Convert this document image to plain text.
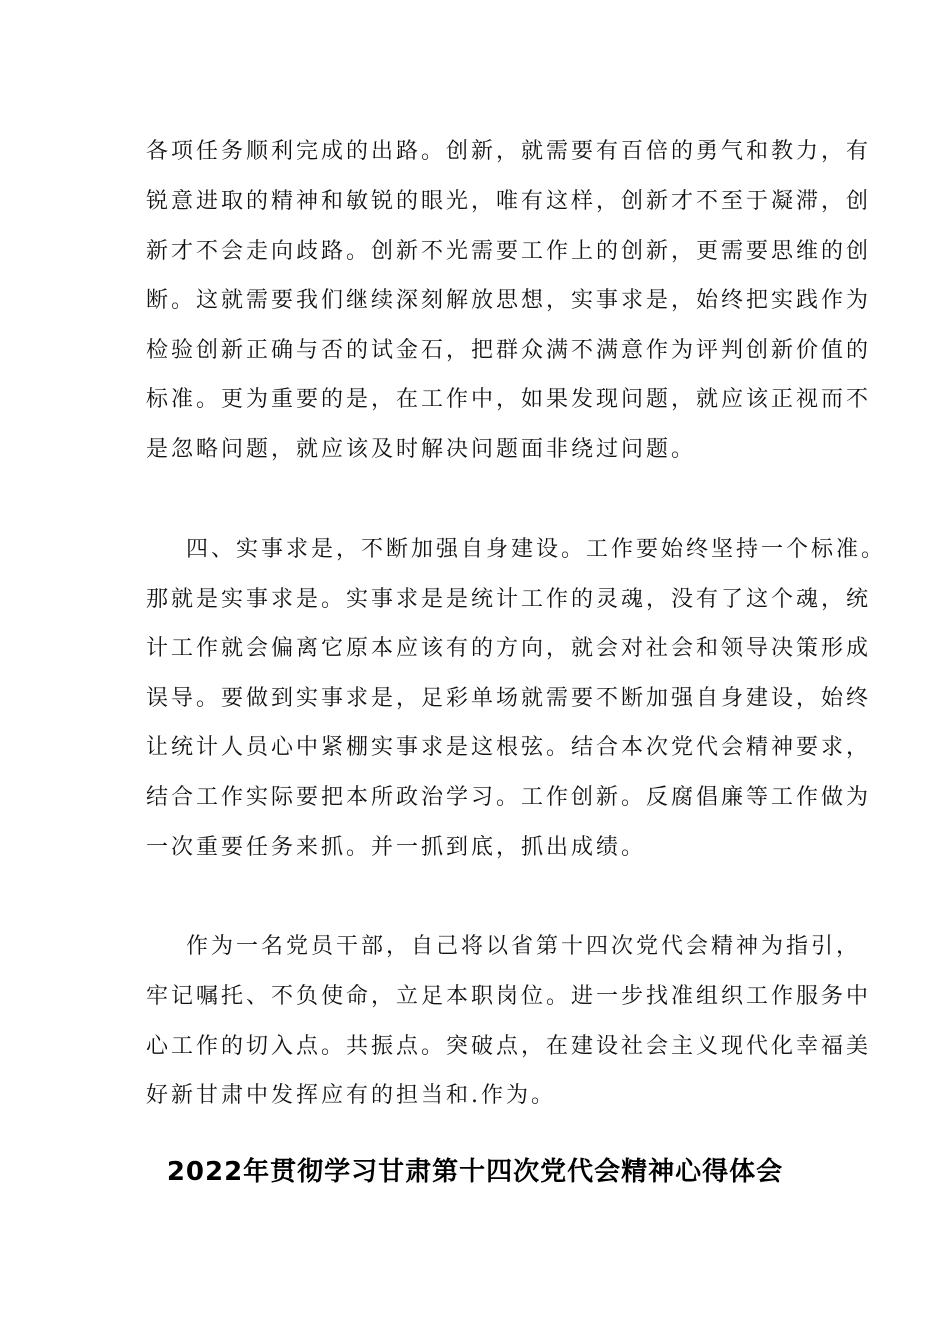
各项任务顺利完成的出路。创新，就需要有百倍的勇气和教力，有
锐意进取的精神和敏锐的眼光，唯有这样，创新才不至于凝滞，创
新才不会走向歧路。创新不光需要工作上的创新，更需要思维的创
断。这就需要我们继续深刻解放思想，实事求是，始终把实践作为
检验创新正确与否的试金石，把群众满不满意作为评判创新价值的
标准。更为重要的是，在工作中，如果发现问题，就应该正视而不
是忽略问题，就应该及时解决问题面非绕过问题。
四、实事求是，不断加强自身建设。工作要始终坚持一个标准。
那就是实事求是。实事求是是统计工作的灵魂，没有了这个魂，统
计工作就会偏离它原本应该有的方向，就会对社会和领导决策形成
误导。要做到实事求是，足彩单场就需要不断加强自身建设，始终
让统计人员心中紧棚实事求是这根弦。结合本次党代会精神要求，
结合工作实际要把本所政治学习。工作创新。反腐倡廉等工作做为
一次重要任务来抓。并一抓到底，抓出成绩。
作为一名党员干部，自己将以省第十四次党代会精神为指引，
牢记嘱托、不负使命，立足本职岗位。进一步找准组织工作服务中
心工作的切入点。共振点。突破点，在建设社会主义现代化幸福美
好新甘肃中发挥应有的担当和.作为。
2022年贯彻学习甘肃第十四次党代会精神心得体会
